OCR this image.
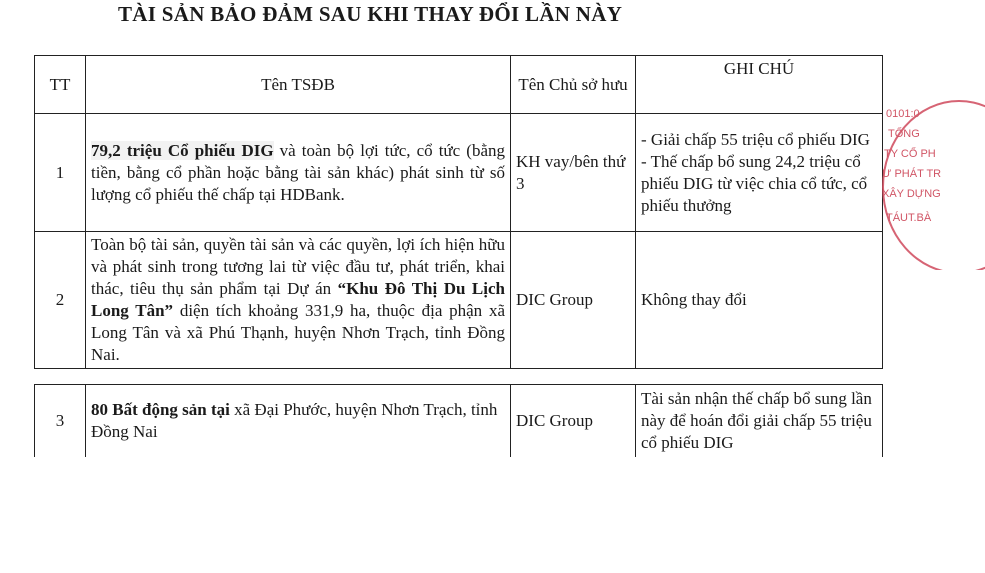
TÀI SẢN BẢO ĐẢM SAU KHI THAY ĐỔI LẦN NÀY
TT	Tên TSĐB	Tên Chủ sở hưu	GHI CHÚ
1	79,2 triệu Cổ phiếu DIG và toàn bộ lợi tức, cổ tức (bằng tiền, bằng cổ phần hoặc bằng tài sản khác) phát sinh từ số lượng cổ phiếu thế chấp tại HDBank.	KH vay/bên thứ 3	- Giải chấp 55 triệu cổ phiếu DIG
- Thế chấp bổ sung 24,2 triệu cổ phiếu DIG từ việc chia cổ tức, cổ phiếu thưởng

2	Toàn bộ tài sản, quyền tài sản và các quyền, lợi ích hiện hữu và phát sinh trong tương lai từ việc đầu tư, phát triển, khai thác, tiêu thụ sản phẩm tại Dự án “Khu Đô Thị Du Lịch Long Tân” diện tích khoảng 331,9 ha, thuộc địa phận xã Long Tân và xã Phú Thạnh, huyện Nhơn Trạch, tỉnh Đồng Nai.	DIC Group	Không thay đổi
3	80 Bất động sản tại xã Đại Phước, huyện Nhơn Trạch, tỉnh Đồng Nai	DIC Group	Tài sản nhận thế chấp bổ sung lần này để hoán đổi giải chấp 55 triệu cổ phiếu DIG
0101:0
TỔNG
TY CỔ PH
Ư PHÁT TR
XÂY DỰNG
TÁUT.BÀ
